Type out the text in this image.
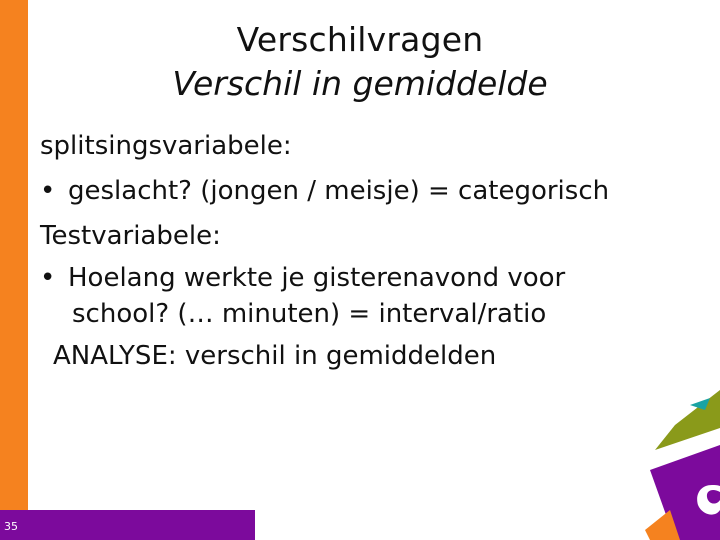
35
Verschilvragen
Verschil in gemiddelde
splitsingsvariabele:
• geslacht? (jongen / meisje) = categorisch
Testvariabele:
• Hoelang werkte je gisterenavond voor
school? (… minuten) = interval/ratio
ANALYSE: verschil in gemiddelden
